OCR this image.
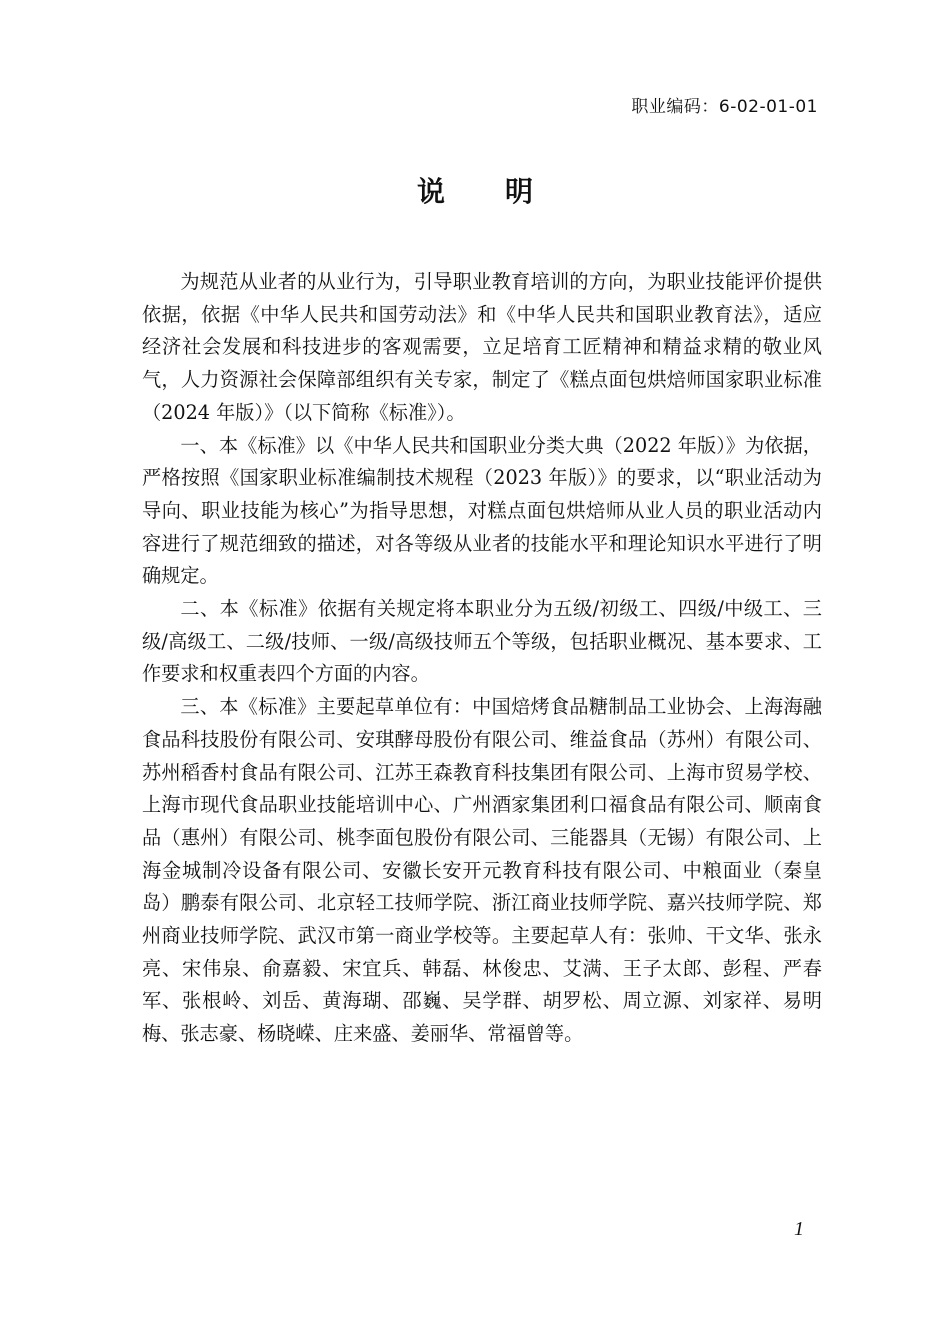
职业编码：6-02-01-01
说明

为规范从业者的从业行为，引导职业教育培训的方向，为职业技能评价提供依据，依据《中华人民共和国劳动法》和《中华人民共和国职业教育法》，适应经济社会发展和科技进步的客观需要，立足培育工匠精神和精益求精的敬业风气，人力资源社会保障部组织有关专家，制定了《糕点面包烘焙师国家职业标准（2024 年版）》（以下简称《标准》）。

一、本《标准》以《中华人民共和国职业分类大典（2022 年版）》为依据，严格按照《国家职业标准编制技术规程（2023 年版）》的要求，以“职业活动为导向、职业技能为核心”为指导思想，对糕点面包烘焙师从业人员的职业活动内容进行了规范细致的描述，对各等级从业者的技能水平和理论知识水平进行了明确规定。

二、本《标准》依据有关规定将本职业分为五级/初级工、四级/中级工、三级/高级工、二级/技师、一级/高级技师五个等级，包括职业概况、基本要求、工作要求和权重表四个方面的内容。

三、本《标准》主要起草单位有：中国焙烤食品糖制品工业协会、上海海融食品科技股份有限公司、安琪酵母股份有限公司、维益食品（苏州）有限公司、苏州稻香村食品有限公司、江苏王森教育科技集团有限公司、上海市贸易学校、上海市现代食品职业技能培训中心、广州酒家集团利口福食品有限公司、顺南食品（惠州）有限公司、桃李面包股份有限公司、三能器具（无锡）有限公司、上海金城制冷设备有限公司、安徽长安开元教育科技有限公司、中粮面业（秦皇岛）鹏泰有限公司、北京轻工技师学院、浙江商业技师学院、嘉兴技师学院、郑州商业技师学院、武汉市第一商业学校等。主要起草人有：张帅、干文华、张永亮、宋伟泉、俞嘉毅、宋宜兵、韩磊、林俊忠、艾满、王子太郎、彭程、严春军、张根岭、刘岳、黄海瑚、邵巍、吴学群、胡罗松、周立源、刘家祥、易明梅、张志豪、杨晓嵘、庄来盛、姜丽华、常福曾等。

1
